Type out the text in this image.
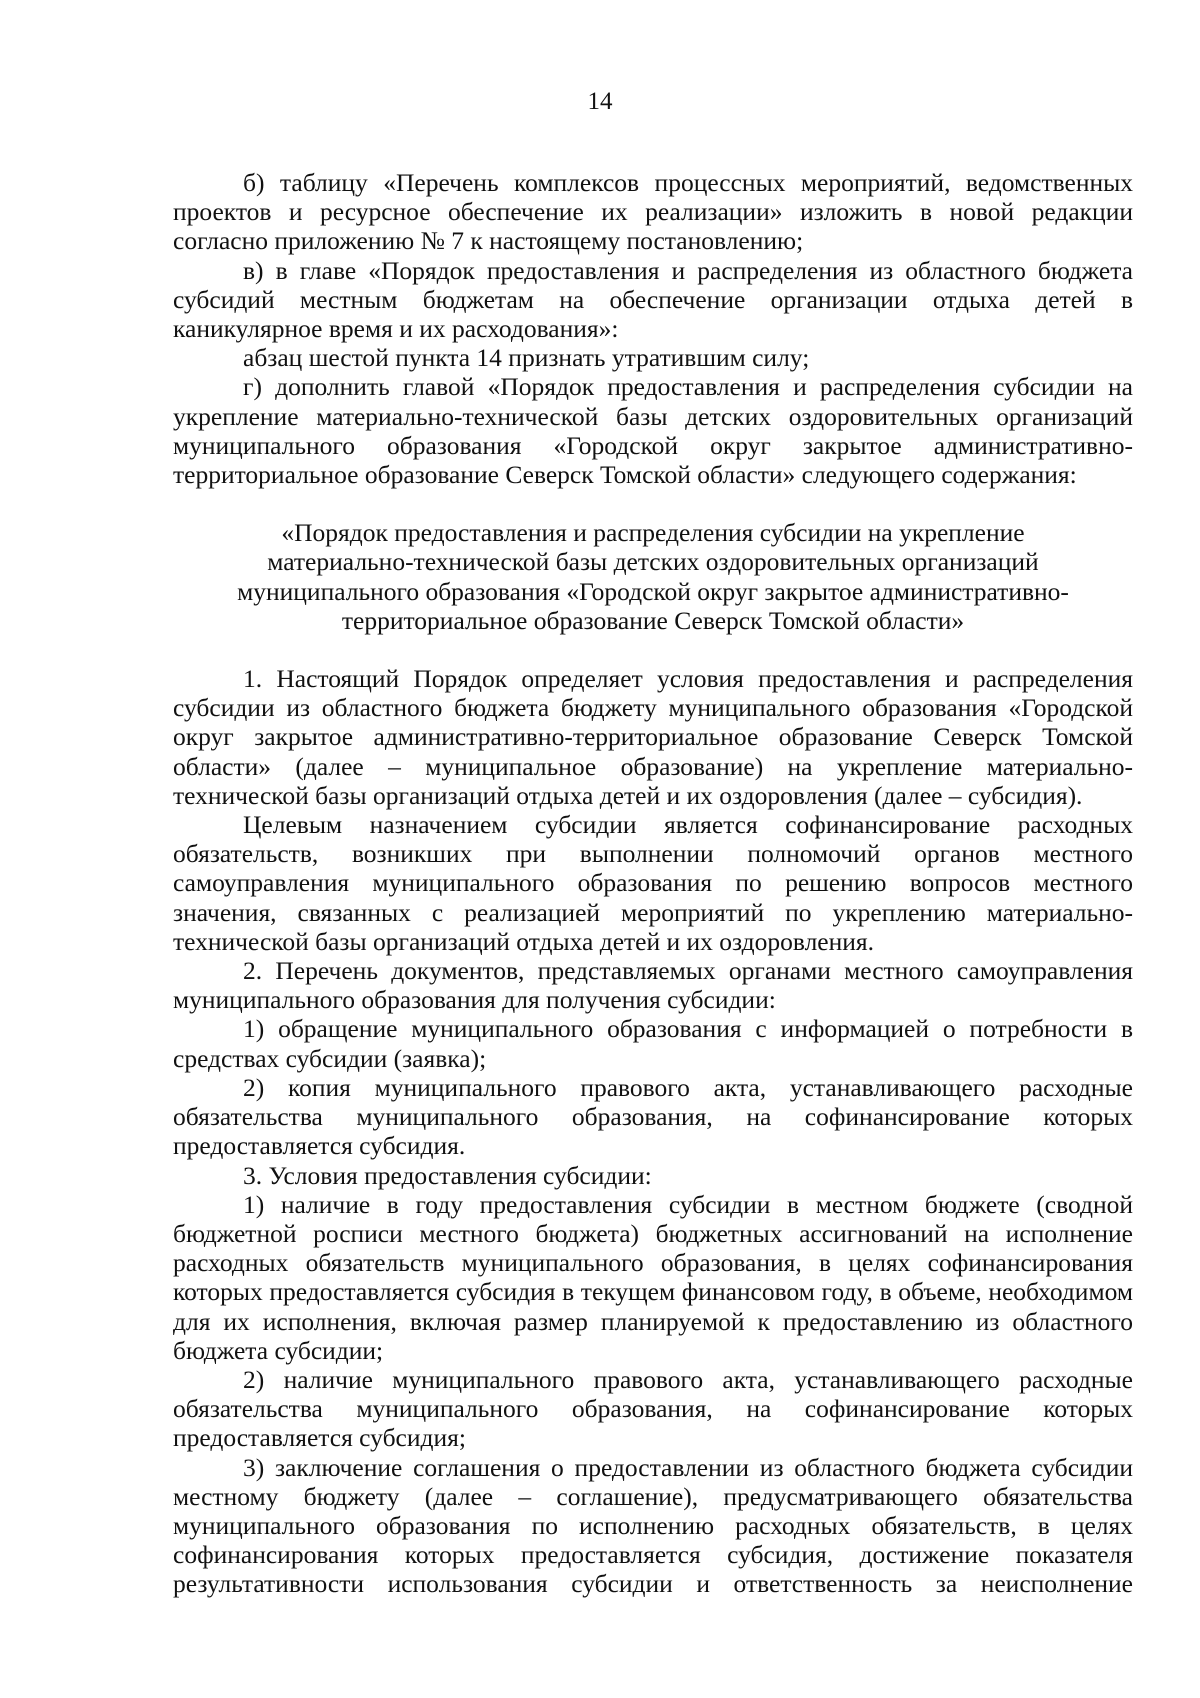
14

б) таблицу «Перечень комплексов процессных мероприятий, ведомственных проектов и ресурсное обеспечение их реализации» изложить в новой редакции согласно приложению № 7 к настоящему постановлению;

в) в главе «Порядок предоставления и распределения из областного бюджета субсидий местным бюджетам на обеспечение организации отдыха детей в каникулярное время и их расходования»:

абзац шестой пункта 14 признать утратившим силу;

г) дополнить главой «Порядок предоставления и распределения субсидии на укрепление материально-технической базы детских оздоровительных организаций муниципального образования «Городской округ закрытое административно-территориальное образование Северск Томской области» следующего содержания:

«Порядок предоставления и распределения субсидии на укрепление
материально-технической базы детских оздоровительных организаций
муниципального образования «Городской округ закрытое административно-
территориальное образование Северск Томской области»

1. Настоящий Порядок определяет условия предоставления и распределения субсидии из областного бюджета бюджету муниципального образования «Городской округ закрытое административно-территориальное образование Северск Томской области» (далее – муниципальное образование) на укрепление материально-технической базы организаций отдыха детей и их оздоровления (далее – субсидия).

Целевым назначением субсидии является софинансирование расходных обязательств, возникших при выполнении полномочий органов местного самоуправления муниципального образования по решению вопросов местного значения, связанных с реализацией мероприятий по укреплению материально-технической базы организаций отдыха детей и их оздоровления.

2. Перечень документов, представляемых органами местного самоуправления муниципального образования для получения субсидии:

1) обращение муниципального образования с информацией о потребности в средствах субсидии (заявка);

2) копия муниципального правового акта, устанавливающего расходные обязательства муниципального образования, на софинансирование которых предоставляется субсидия.

3. Условия предоставления субсидии:

1) наличие в году предоставления субсидии в местном бюджете (сводной бюджетной росписи местного бюджета) бюджетных ассигнований на исполнение расходных обязательств муниципального образования, в целях софинансирования которых предоставляется субсидия в текущем финансовом году, в объеме, необходимом для их исполнения, включая размер планируемой к предоставлению из областного бюджета субсидии;

2) наличие муниципального правового акта, устанавливающего расходные обязательства муниципального образования, на софинансирование которых предоставляется субсидия;

3) заключение соглашения о предоставлении из областного бюджета субсидии местному бюджету (далее – соглашение), предусматривающего обязательства муниципального образования по исполнению расходных обязательств, в целях софинансирования которых предоставляется субсидия, достижение показателя результативности использования субсидии и ответственность за неисполнение
